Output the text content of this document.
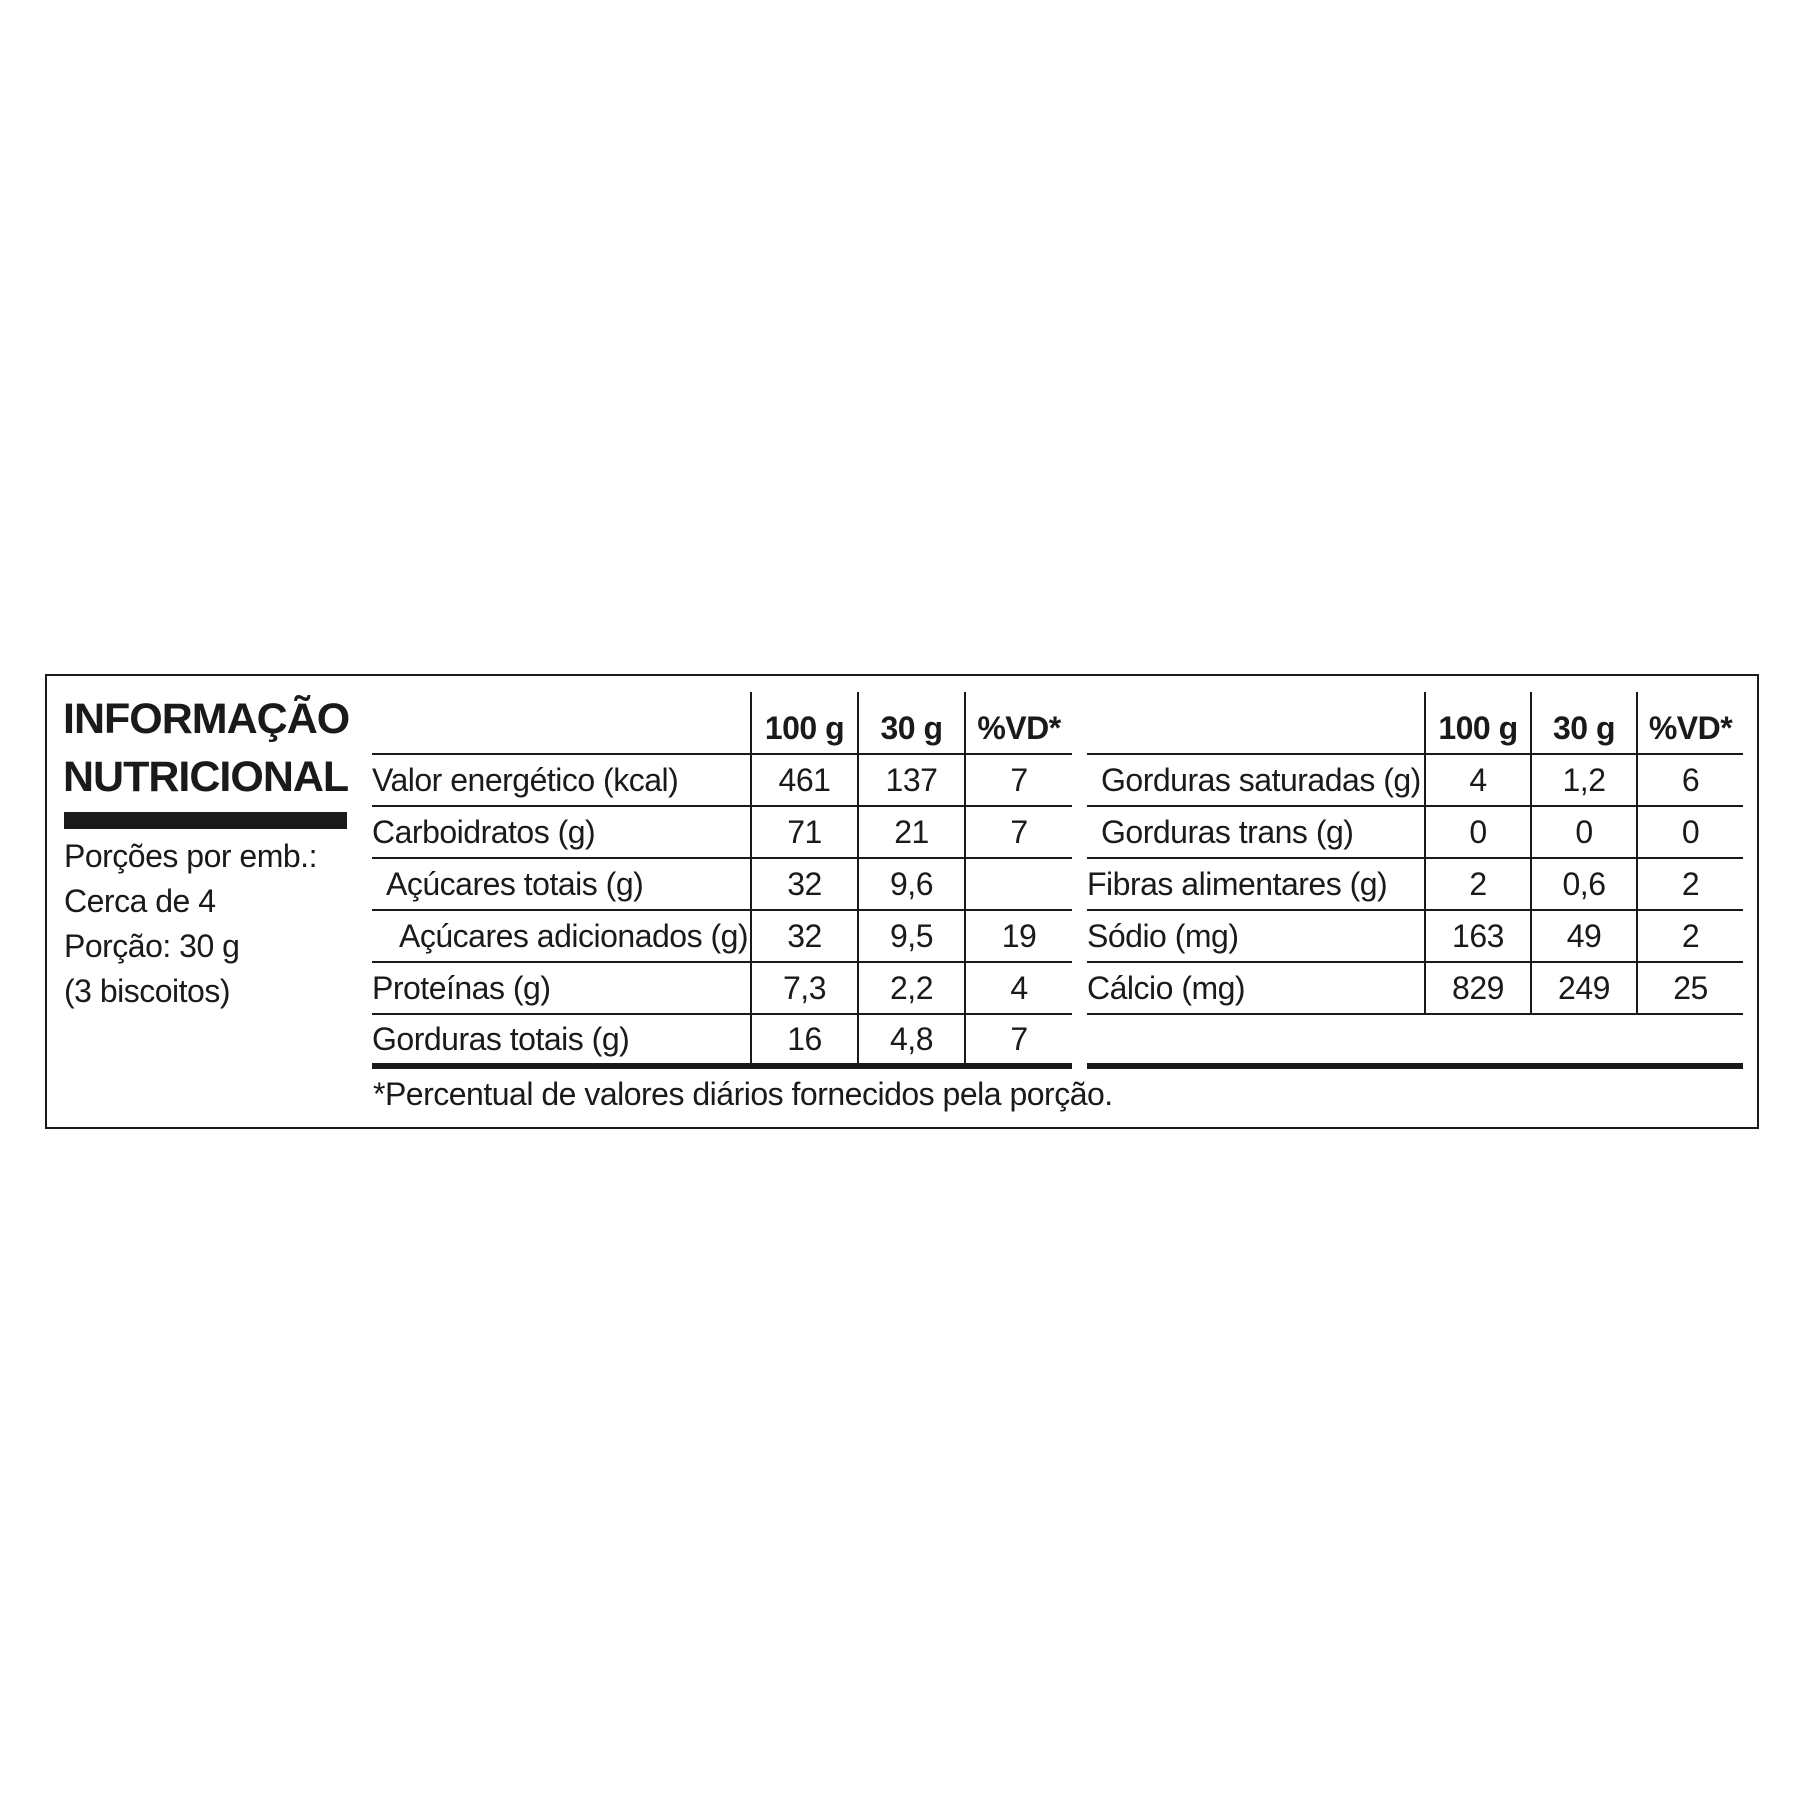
INFORMAÇÃO
NUTRICIONAL
Porções por emb.:
Cerca de 4
Porção: 30 g
(3 biscoitos)
	100 g	30 g	%VD*
Valor energético (kcal)	461	137	7
Carboidratos (g)	71	21	7
Açúcares totais (g)	32	9,6	
Açúcares adicionados (g)	32	9,5	19
Proteínas (g)	7,3	2,2	4
Gorduras totais (g)	16	4,8	7
	100 g	30 g	%VD*
Gorduras saturadas (g)	4	1,2	6
Gorduras trans (g)	0	0	0
Fibras alimentares (g)	2	0,6	2
Sódio (mg)	163	49	2
Cálcio (mg)	829	249	25

*Percentual de valores diários fornecidos pela porção.
